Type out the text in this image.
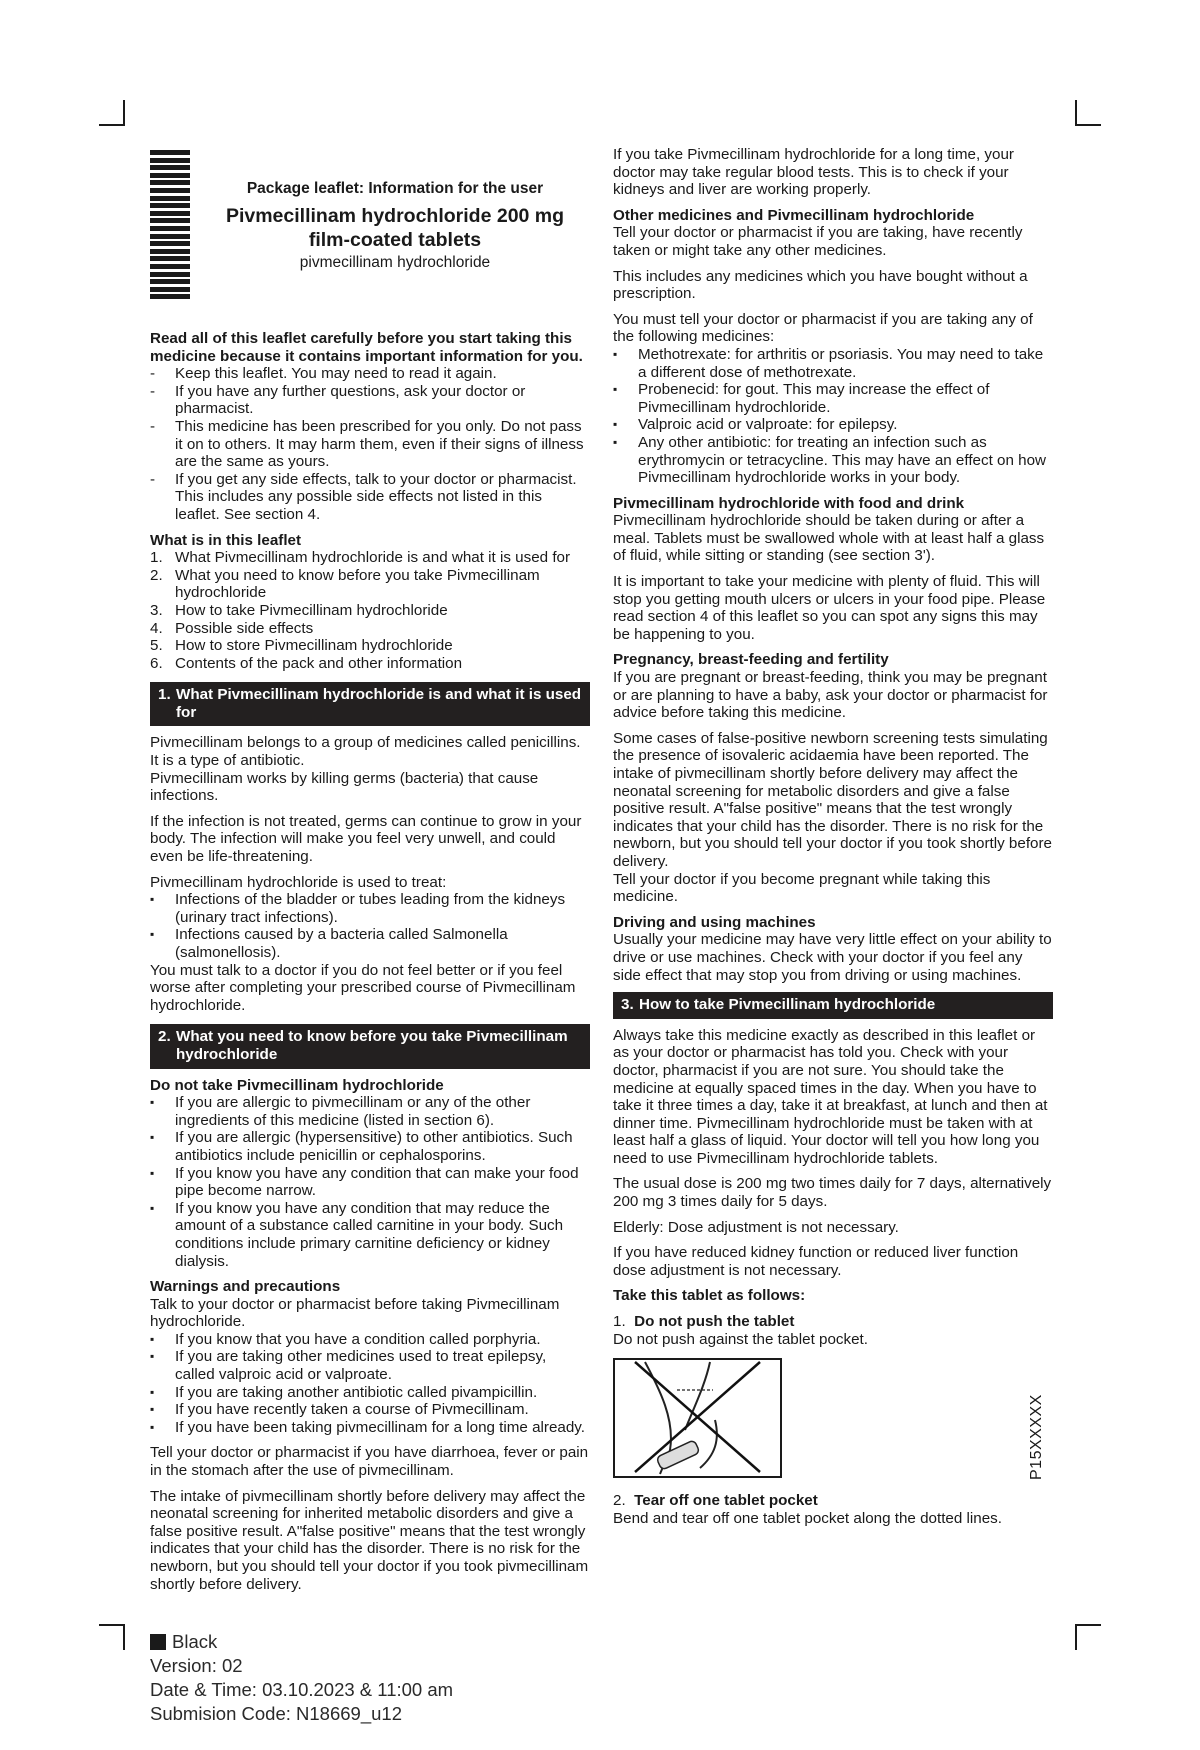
Package leaflet: Information for the user
Pivmecillinam hydrochloride 200 mg
film-coated tablets
pivmecillinam hydrochloride

Read all of this leaflet carefully before you start taking this medicine because it contains important information for you.

- Keep this leaflet. You may need to read it again.
- If you have any further questions, ask your doctor or pharmacist.
- This medicine has been prescribed for you only. Do not pass it on to others. It may harm them, even if their signs of illness are the same as yours.
- If you get any side effects, talk to your doctor or pharmacist. This includes any possible side effects not listed in this leaflet. See section 4.

What is in this leaflet

1. What Pivmecillinam hydrochloride is and what it is used for
2. What you need to know before you take Pivmecillinam hydrochloride
3. How to take Pivmecillinam hydrochloride
4. Possible side effects
5. How to store Pivmecillinam hydrochloride
6. Contents of the pack and other information
1. What Pivmecillinam hydrochloride is and what it is used for

Pivmecillinam belongs to a group of medicines called penicillins. It is a type of antibiotic.

Pivmecillinam works by killing germs (bacteria) that cause infections.

If the infection is not treated, germs can continue to grow in your body. The infection will make you feel very unwell, and could even be life-threatening.

Pivmecillinam hydrochloride is used to treat:

▪ Infections of the bladder or tubes leading from the kidneys (urinary tract infections).
▪ Infections caused by a bacteria called Salmonella (salmonellosis).

You must talk to a doctor if you do not feel better or if you feel worse after completing your prescribed course of Pivmecillinam hydrochloride.

2. What you need to know before you take Pivmecillinam hydrochloride

Do not take Pivmecillinam hydrochloride

▪ If you are allergic to pivmecillinam or any of the other ingredients of this medicine (listed in section 6).
▪ If you are allergic (hypersensitive) to other antibiotics. Such antibiotics include penicillin or cephalosporins.
▪ If you know you have any condition that can make your food pipe become narrow.
▪ If you know you have any condition that may reduce the amount of a substance called carnitine in your body. Such conditions include primary carnitine deficiency or kidney dialysis.

Warnings and precautions

Talk to your doctor or pharmacist before taking Pivmecillinam hydrochloride.

▪ If you know that you have a condition called porphyria.
▪ If you are taking other medicines used to treat epilepsy, called valproic acid or valproate.
▪ If you are taking another antibiotic called pivampicillin.
▪ If you have recently taken a course of Pivmecillinam.
▪ If you have been taking pivmecillinam for a long time already.

Tell your doctor or pharmacist if you have diarrhoea, fever or pain in the stomach after the use of pivmecillinam.

The intake of pivmecillinam shortly before delivery may affect the neonatal screening for inherited metabolic disorders and give a false positive result. A"false positive" means that the test wrongly indicates that your child has the disorder. There is no risk for the newborn, but you should tell your doctor if you took pivmecillinam shortly before delivery.

If you take Pivmecillinam hydrochloride for a long time, your doctor may take regular blood tests. This is to check if your kidneys and liver are working properly.

Other medicines and Pivmecillinam hydrochloride

Tell your doctor or pharmacist if you are taking, have recently taken or might take any other medicines.

This includes any medicines which you have bought without a prescription.

You must tell your doctor or pharmacist if you are taking any of the following medicines:

▪ Methotrexate: for arthritis or psoriasis. You may need to take a different dose of methotrexate.
▪ Probenecid: for gout. This may increase the effect of Pivmecillinam hydrochloride.
▪ Valproic acid or valproate: for epilepsy.
▪ Any other antibiotic: for treating an infection such as erythromycin or tetracycline. This may have an effect on how Pivmecillinam hydrochloride works in your body.

Pivmecillinam hydrochloride with food and drink

Pivmecillinam hydrochloride should be taken during or after a meal. Tablets must be swallowed whole with at least half a glass of fluid, while sitting or standing (see section 3').

It is important to take your medicine with plenty of fluid. This will stop you getting mouth ulcers or ulcers in your food pipe. Please read section 4 of this leaflet so you can spot any signs this may be happening to you.

Pregnancy, breast-feeding and fertility

If you are pregnant or breast-feeding, think you may be pregnant or are planning to have a baby, ask your doctor or pharmacist for advice before taking this medicine.

Some cases of false-positive newborn screening tests simulating the presence of isovaleric acidaemia have been reported. The intake of pivmecillinam shortly before delivery may affect the neonatal screening for metabolic disorders and give a false positive result. A"false positive" means that the test wrongly indicates that your child has the disorder. There is no risk for the newborn, but you should tell your doctor if you took shortly before delivery.

Tell your doctor if you become pregnant while taking this medicine.

Driving and using machines

Usually your medicine may have very little effect on your ability to drive or use machines. Check with your doctor if you feel any side effect that may stop you from driving or using machines.

3. How to take Pivmecillinam hydrochloride

Always take this medicine exactly as described in this leaflet or as your doctor or pharmacist has told you. Check with your doctor, pharmacist if you are not sure. You should take the medicine at equally spaced times in the day. When you have to take it three times a day, take it at breakfast, at lunch and then at dinner time. Pivmecillinam hydrochloride must be taken with at least half a glass of liquid. Your doctor will tell you how long you need to use Pivmecillinam hydrochloride tablets.

The usual dose is 200 mg two times daily for 7 days, alternatively 200 mg 3 times daily for 5 days.

Elderly: Dose adjustment is not necessary.

If you have reduced kidney function or reduced liver function dose adjustment is not necessary.

Take this tablet as follows:

1. Do not push the tablet

Do not push against the tablet pocket.

2. Tear off one tablet pocket

Bend and tear off one tablet pocket along the dotted lines.

P15XXXXX
Black
Version: 02
Date & Time: 03.10.2023 & 11:00 am
Submision Code: N18669_u12
